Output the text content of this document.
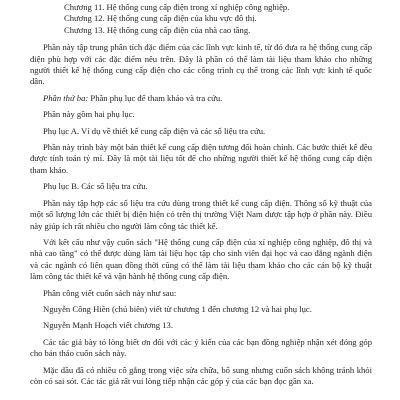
Chương 11. Hệ thống cung cấp điện trong xí nghiệp công nghiệp.

Chương 12. Hệ thống cung cấp điện của khu vực đô thị.

Chương 13. Hệ thống cung cấp điện của nhà cao tầng.

Phần này tập trung phân tích đặc điểm của các lĩnh vực kinh tế, từ đó đưa ra hệ thống cung cấp điện phù hợp với các đặc điểm nêu trên. Đây là phần có thể làm tài liệu tham khảo cho những người thiết kế hệ thống cung cấp điện cho các công trình cụ thể trong các lĩnh vực kinh tế quốc dân.

Phần thứ ba: Phần phụ lục để tham khảo và tra cứu.

Phần này gồm hai phụ lục.

Phụ lục A. Ví dụ về thiết kế cung cấp điện và các số liệu tra cứu.

Phần này trình bày một bản thiết kế cung cấp điện tương đối hoàn chỉnh. Các bước thiết kế đều được tính toán tỷ mỉ. Đây là một tài liệu tốt để cho những người thiết kế hệ thống cung cấp điện tham khảo.

Phụ lục B. Các số liệu tra cứu.

Phần này tập hợp các số liệu tra cứu dùng trong thiết kế cung cấp điện. Thông số kỹ thuật của một số lượng lớn các thiết bị điện hiện có trên thị trường Việt Nam được tập hợp ở phần này. Điều này giúp ích rất nhiều cho người làm công tác thiết kế.

Với kết cấu như vậy cuốn sách "Hệ thống cung cấp điện của xí nghiệp công nghiệp, đô thị và nhà cao tầng" có thể được dùng làm tài liệu học tập cho sinh viên đại học và cao đẳng ngành điện và các ngành có liên quan đồng thời cũng có thể làm tài liệu tham khảo cho các cán bộ kỹ thuật làm công tác thiết kế và vận hành hệ thống cung cấp điện.

Phân công viết cuốn sách này như sau:

Nguyễn Công Hiền (chủ biên) viết từ chương 1 đến chương 12 và hai phụ lục.

Nguyễn Mạnh Hoạch viết chương 13.

Các tác giả bày tỏ lòng biết ơn đối với các ý kiến của các bạn đồng nghiệp nhận xét đóng góp cho bản thảo cuốn sách này.

Mặc dầu đã có nhiều cố gắng trong việc sửa chữa, bổ sung nhưng cuốn sách không tránh khỏi còn có sai sót. Các tác giả rất vui lòng tiếp nhận các góp ý của các bạn đọc gần xa.
